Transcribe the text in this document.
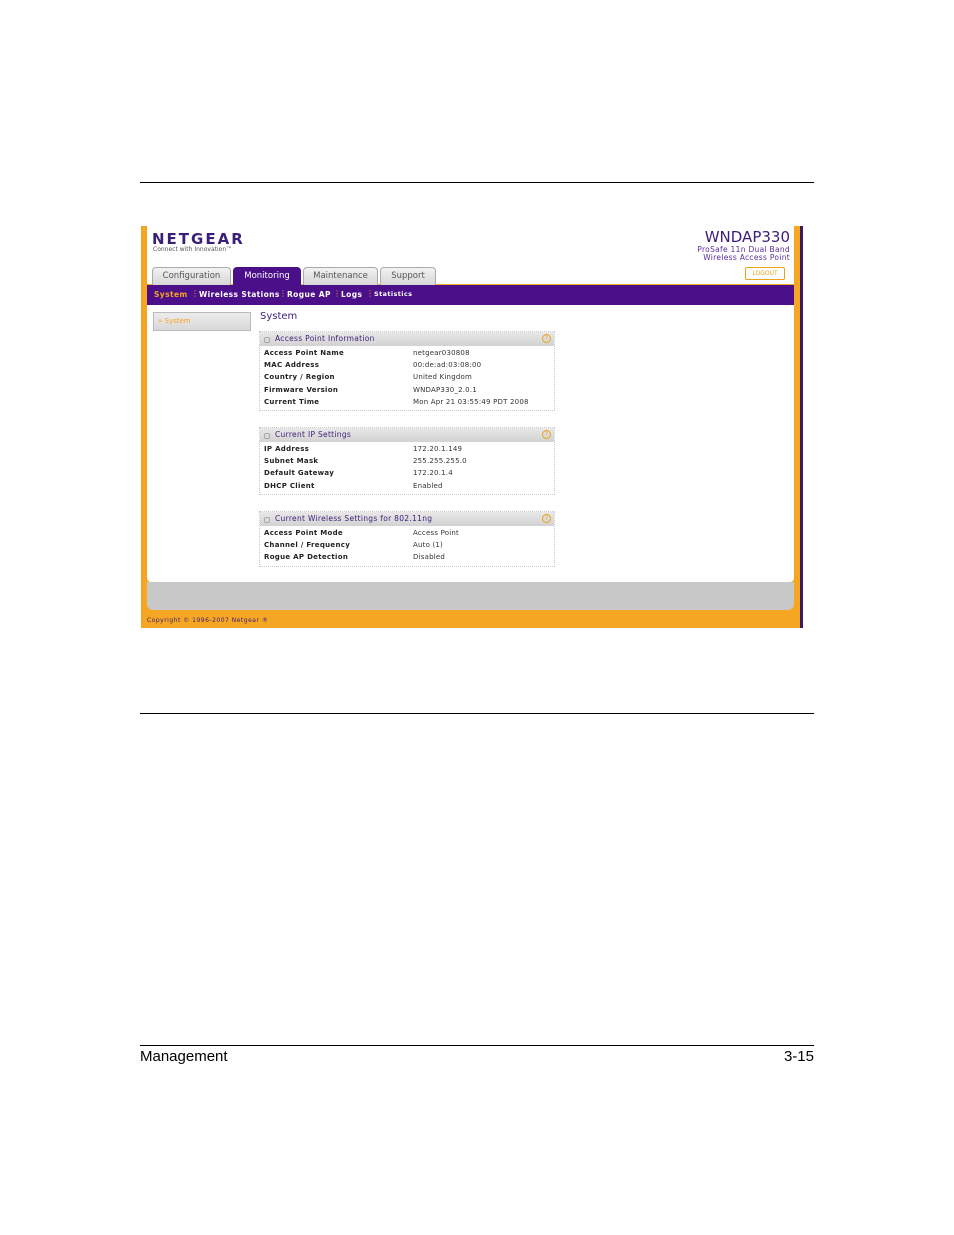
NETGEAR
Connect with Innovation™
WNDAP330
ProSafe 11n Dual Band
Wireless Access Point
LOGOUT
Configuration	Monitoring	Maintenance	Support
System ⋮ Wireless Stations ⋮ Rogue AP ⋮ Logs ⋮ Statistics
» System	System
Access Point Information	?
Access Point Name	netgear030808
MAC Address	00:de:ad:03:08:00
Country / Region	United Kingdom
Firmware Version	WNDAP330_2.0.1
Current Time	Mon Apr 21 03:55:49 PDT 2008
Current IP Settings	?
IP Address	172.20.1.149
Subnet Mask	255.255.255.0
Default Gateway	172.20.1.4
DHCP Client	Enabled
Current Wireless Settings for 802.11ng	?
Access Point Mode	Access Point
Channel / Frequency	Auto (1)
Rogue AP Detection	Disabled
Copyright © 1996-2007 Netgear ®
Management	3-15
